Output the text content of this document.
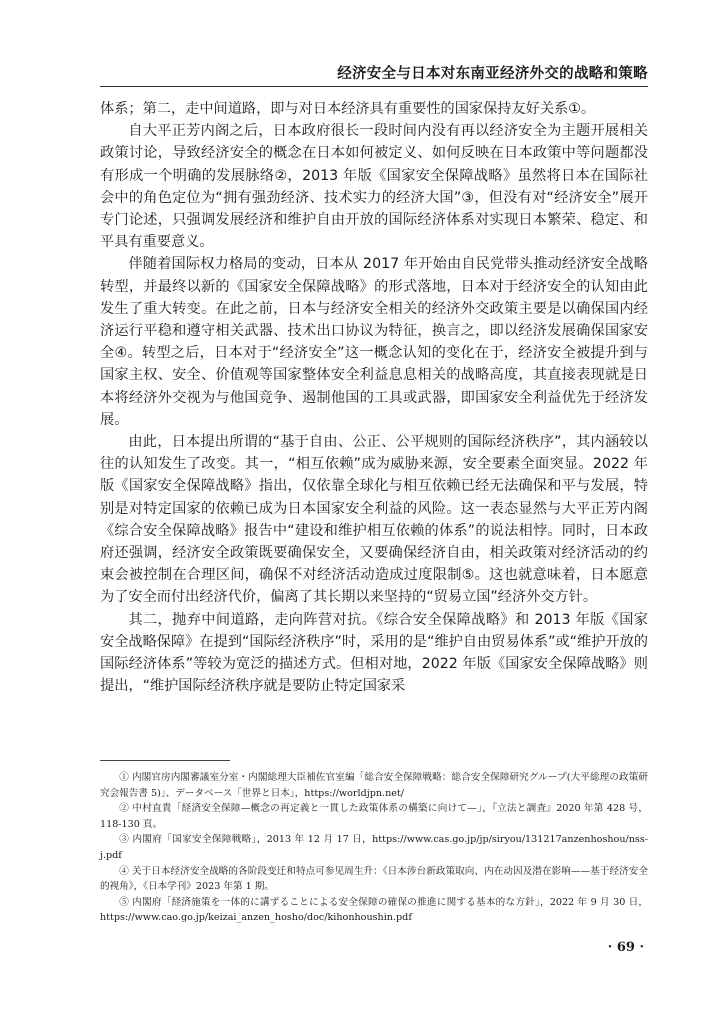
经济安全与日本对东南亚经济外交的战略和策略

体系；第二，走中间道路，即与对日本经济具有重要性的国家保持友好关系①。

自大平正芳内阁之后，日本政府很长一段时间内没有再以经济安全为主题开展相关政策讨论，导致经济安全的概念在日本如何被定义、如何反映在日本政策中等问题都没有形成一个明确的发展脉络②，2013 年版《国家安全保障战略》虽然将日本在国际社会中的角色定位为“拥有强劲经济、技术实力的经济大国”③，但没有对“经济安全”展开专门论述，只强调发展经济和维护自由开放的国际经济体系对实现日本繁荣、稳定、和平具有重要意义。

伴随着国际权力格局的变动，日本从 2017 年开始由自民党带头推动经济安全战略转型，并最终以新的《国家安全保障战略》的形式落地，日本对于经济安全的认知由此发生了重大转变。在此之前，日本与经济安全相关的经济外交政策主要是以确保国内经济运行平稳和遵守相关武器、技术出口协议为特征，换言之，即以经济发展确保国家安全④。转型之后，日本对于“经济安全”这一概念认知的变化在于，经济安全被提升到与国家主权、安全、价值观等国家整体安全利益息息相关的战略高度，其直接表现就是日本将经济外交视为与他国竞争、遏制他国的工具或武器，即国家安全利益优先于经济发展。

由此，日本提出所谓的“基于自由、公正、公平规则的国际经济秩序”，其内涵较以往的认知发生了改变。其一，“相互依赖”成为威胁来源，安全要素全面突显。2022 年版《国家安全保障战略》指出，仅依靠全球化与相互依赖已经无法确保和平与发展，特别是对特定国家的依赖已成为日本国家安全利益的风险。这一表态显然与大平正芳内阁《综合安全保障战略》报告中“建设和维护相互依赖的体系”的说法相悖。同时，日本政府还强调，经济安全政策既要确保安全，又要确保经济自由，相关政策对经济活动的约束会被控制在合理区间，确保不对经济活动造成过度限制⑤。这也就意味着，日本愿意为了安全而付出经济代价，偏离了其长期以来坚持的“贸易立国”经济外交方针。

其二，抛弃中间道路，走向阵营对抗。《综合安全保障战略》和 2013 年版《国家安全战略保障》在提到“国际经济秩序”时，采用的是“维护自由贸易体系”或“维护开放的国际经济体系”等较为宽泛的描述方式。但相对地，2022 年版《国家安全保障战略》则提出，“维护国际经济秩序就是要防止特定国家采

① 内閣官房内閣審議室分室・内閣総理大臣補佐官室編「総合安全保障戦略：総合安全保障研究グループ(大平総理の政策研究会報告書 5)」、データベース「世界と日本」，https://worldjpn.net/

② 中村直貴「経済安全保障—概念の再定義と一貫した政策体系の構築に向けて—」，『立法と調査』2020 年第 428 号，118-130 頁。

③ 内閣府「国家安全保障戦略」，2013 年 12 月 17 日，https://www.cas.go.jp/jp/siryou/131217anzenhoshou/nss-j.pdf

④ 关于日本经济安全战略的各阶段变迁和特点可参见周生升：《日本涉台新政策取向、内在动因及潜在影响——基于经济安全的视角》，《日本学刊》2023 年第 1 期。

⑤ 内閣府「経済施策を一体的に講ずることによる安全保障の確保の推進に関する基本的な方針」，2022 年 9 月 30 日，https://www.cao.go.jp/keizai_anzen_hosho/doc/kihonhoushin.pdf

· 69 ·
